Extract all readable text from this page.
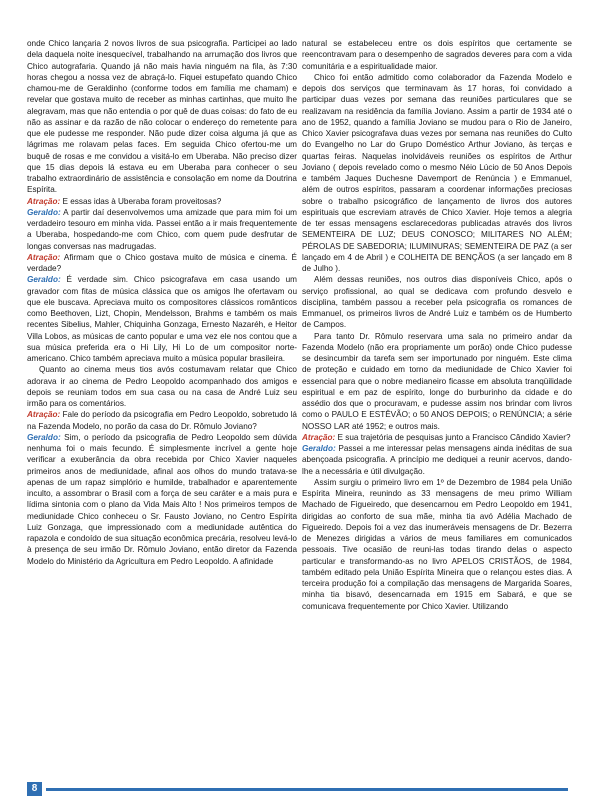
onde Chico lançaria 2 novos livros de sua psicografia. Participei ao lado dela daquela noite inesquecível, trabalhando na arrumação dos livros que Chico autografaria. Quando já não mais havia ninguém na fila, às 7:30 horas chegou a nossa vez de abraçá-lo. Fiquei estupefato quando Chico chamou-me de Geraldinho (conforme todos em família me chamam) e revelar que gostava muito de receber as minhas cartinhas, que muito lhe alegravam, mas que não entendia o por quê de duas coisas: do fato de eu não as assinar e da razão de não colocar o endereço do remetente para que ele pudesse me responder. Não pude dizer coisa alguma já que as lágrimas me rolavam pelas faces. Em seguida Chico ofertou-me um buquê de rosas e me convidou a visitá-lo em Uberaba. Não preciso dizer que 15 dias depois lá estava eu em Uberaba para conhecer o seu trabalho extraordinário de assistência e consolação em nome da Doutrina Espírita.

Atração: E essas idas à Uberaba foram proveitosas?

Geraldo: A partir daí desenvolvemos uma amizade que para mim foi um verdadeiro tesouro em minha vida. Passei então a ir mais frequentemente a Uberaba, hospedando-me com Chico, com quem pude desfrutar de longas conversas nas madrugadas.

Atração: Afirmam que o Chico gostava muito de música e cinema. É verdade?

Geraldo: É verdade sim. Chico psicografava em casa usando um gravador com fitas de música clássica que os amigos lhe ofertavam ou que ele buscava. Apreciava muito os compositores clássicos românticos como Beethoven, Lizt, Chopin, Mendelsson, Brahms e também os mais recentes Sibelius, Mahler, Chiquinha Gonzaga, Ernesto Nazaréh, e Heitor Villa Lobos, as músicas de canto popular e uma vez ele nos contou que a sua música preferida era o Hi Lily, Hi Lo de um compositor norte-americano. Chico também apreciava muito a música popular brasileira.

Quanto ao cinema meus tios avós costumavam relatar que Chico adorava ir ao cinema de Pedro Leopoldo acompanhado dos amigos e depois se reuniam todos em sua casa ou na casa de André Luiz seu irmão para os comentários.

Atração: Fale do período da psicografia em Pedro Leopoldo, sobretudo lá na Fazenda Modelo, no porão da casa do Dr. Rômulo Joviano?

Geraldo: Sim, o período da psicografia de Pedro Leopoldo sem dúvida nenhuma foi o mais fecundo. É simplesmente incrível a gente hoje verificar a exuberância da obra recebida por Chico Xavier naqueles primeiros anos de mediunidade, afinal aos olhos do mundo tratava-se apenas de um rapaz simplório e humilde, trabalhador e aparentemente inculto, a assombrar o Brasil com a força de seu caráter e a mais pura e lídima sintonia com o plano da Vida Mais Alto ! Nos primeiros tempos de mediunidade Chico conheceu o Sr. Fausto Joviano, no Centro Espírita Luiz Gonzaga, que impressionado com a mediunidade autêntica do rapazola e condoído de sua situação econômica precária, resolveu levá-lo à presença de seu irmão Dr. Rômulo Joviano, então diretor da Fazenda Modelo do Ministério da Agricultura em Pedro Leopoldo. A afinidade

natural se estabeleceu entre os dois espíritos que certamente se reencontravam para o desempenho de sagrados deveres para com a vida comunitária e a espiritualidade maior.

Chico foi então admitido como colaborador da Fazenda Modelo e depois dos serviços que terminavam às 17 horas, foi convidado a participar duas vezes por semana das reuniões particulares que se realizavam na residência da família Joviano. Assim a partir de 1934 até o ano de 1952, quando a família Joviano se mudou para o Rio de Janeiro, Chico Xavier psicografava duas vezes por semana nas reuniões do Culto do Evangelho no Lar do Grupo Doméstico Arthur Joviano, às terças e quartas feiras. Naquelas inolvidáveis reuniões os espíritos de Arthur Joviano ( depois revelado como o mesmo Néio Lúcio de 50 Anos Depois e também Jaques Duchesne Davemport de Renúncia ) e Emmanuel, além de outros espíritos, passaram a coordenar informações preciosas sobre o trabalho psicográfico de lançamento de livros dos autores espirituais que escreviam através de Chico Xavier. Hoje temos a alegria de ter essas mensagens esclarecedoras publicadas através dos livros SEMENTEIRA DE LUZ; DEUS CONOSCO; MILITARES NO ALÉM; PÉROLAS DE SABEDORIA; ILUMINURAS; SEMENTEIRA DE PAZ (a ser lançado em 4 de Abril ) e COLHEITA DE BENÇÃOS (a ser lançado em 8 de Julho ).

Além dessas reuniões, nos outros dias disponíveis Chico, após o serviço profissional, ao qual se dedicava com profundo desvelo e disciplina, também passou a receber pela psicografia os romances de Emmanuel, os primeiros livros de André Luiz e também os de Humberto de Campos.

Para tanto Dr. Rômulo reservara uma sala no primeiro andar da Fazenda Modelo (não era propriamente um porão) onde Chico pudesse se desincumbir da tarefa sem ser importunado por ninguém. Este clima de proteção e cuidado em torno da mediunidade de Chico Xavier foi essencial para que o nobre medianeiro ficasse em absoluta tranqüilidade espiritual e em paz de espírito, longe do burburinho da cidade e do assédio dos que o procuravam, e pudesse assim nos brindar com livros como o PAULO E ESTÊVÃO; o 50 ANOS DEPOIS; o RENÚNCIA; a série NOSSO LAR até 1952; e outros mais.

Atração: E sua trajetória de pesquisas junto a Francisco Cândido Xavier?

Geraldo: Passei a me interessar pelas mensagens ainda inéditas de sua abençoada psicografia. A princípio me dediquei a reunir acervos, dando-lhe a necessária e útil divulgação.

Assim surgiu o primeiro livro em 1º de Dezembro de 1984 pela União Espírita Mineira, reunindo as 33 mensagens de meu primo William Machado de Figueiredo, que desencarnou em Pedro Leopoldo em 1941, dirigidas ao conforto de sua mãe, minha tia avó Adélia Machado de Figueiredo. Depois foi a vez das inumeráveis mensagens de Dr. Bezerra de Menezes dirigidas a vários de meus familiares em comunicados pessoais. Tive ocasião de reuni-las todas tirando delas o aspecto particular e transformando-as no livro APELOS CRISTÃOS, de 1984, também editado pela União Espírita Mineira que o relançou estes dias. A terceira produção foi a compilação das mensagens de Margarida Soares, minha tia bisavó, desencarnada em 1915 em Sabará, e que se comunicava frequentemente por Chico Xavier. Utilizando

8
